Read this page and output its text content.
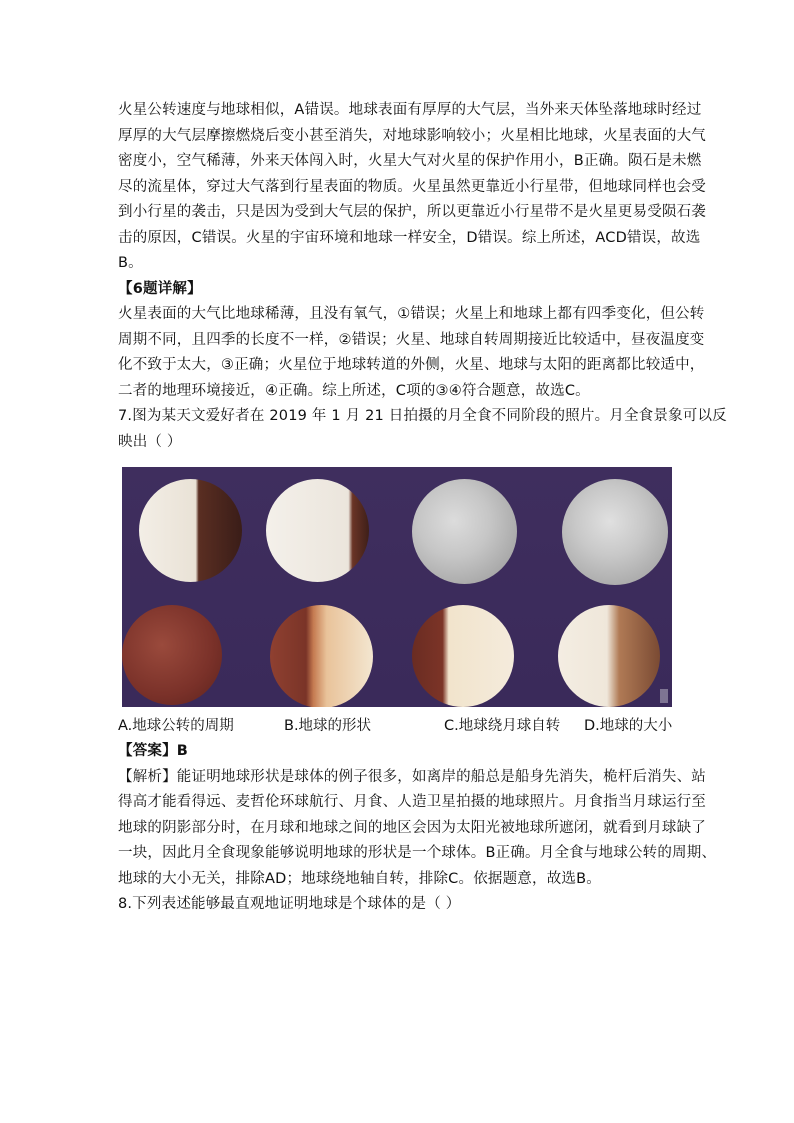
火星公转速度与地球相似，A错误。地球表面有厚厚的大气层，当外来天体坠落地球时经过
厚厚的大气层摩擦燃烧后变小甚至消失，对地球影响较小；火星相比地球，火星表面的大气
密度小，空气稀薄，外来天体闯入时，火星大气对火星的保护作用小，B正确。陨石是未燃
尽的流星体，穿过大气落到行星表面的物质。火星虽然更靠近小行星带，但地球同样也会受
到小行星的袭击，只是因为受到大气层的保护，所以更靠近小行星带不是火星更易受陨石袭
击的原因，C错误。火星的宇宙环境和地球一样安全，D错误。综上所述，ACD错误，故选
B。
【6题详解】
火星表面的大气比地球稀薄，且没有氧气，①错误；火星上和地球上都有四季变化，但公转
周期不同，且四季的长度不一样，②错误；火星、地球自转周期接近比较适中，昼夜温度变
化不致于太大，③正确；火星位于地球转道的外侧，火星、地球与太阳的距离都比较适中，
二者的地理环境接近，④正确。综上所述，C项的③④符合题意，故选C。
7.图为某天文爱好者在 2019 年 1 月 21 日拍摄的月全食不同阶段的照片。月全食景象可以反
映出（ ）
A.地球公转的周期	B.地球的形状	C.地球绕月球自转	D.地球的大小
【答案】B
【解析】能证明地球形状是球体的例子很多，如离岸的船总是船身先消失，桅杆后消失、站
得高才能看得远、麦哲伦环球航行、月食、人造卫星拍摄的地球照片。月食指当月球运行至
地球的阴影部分时，在月球和地球之间的地区会因为太阳光被地球所遮闭，就看到月球缺了
一块，因此月全食现象能够说明地球的形状是一个球体。B正确。月全食与地球公转的周期、
地球的大小无关，排除AD；地球绕地轴自转，排除C。依据题意，故选B。
8.下列表述能够最直观地证明地球是个球体的是（ ）
